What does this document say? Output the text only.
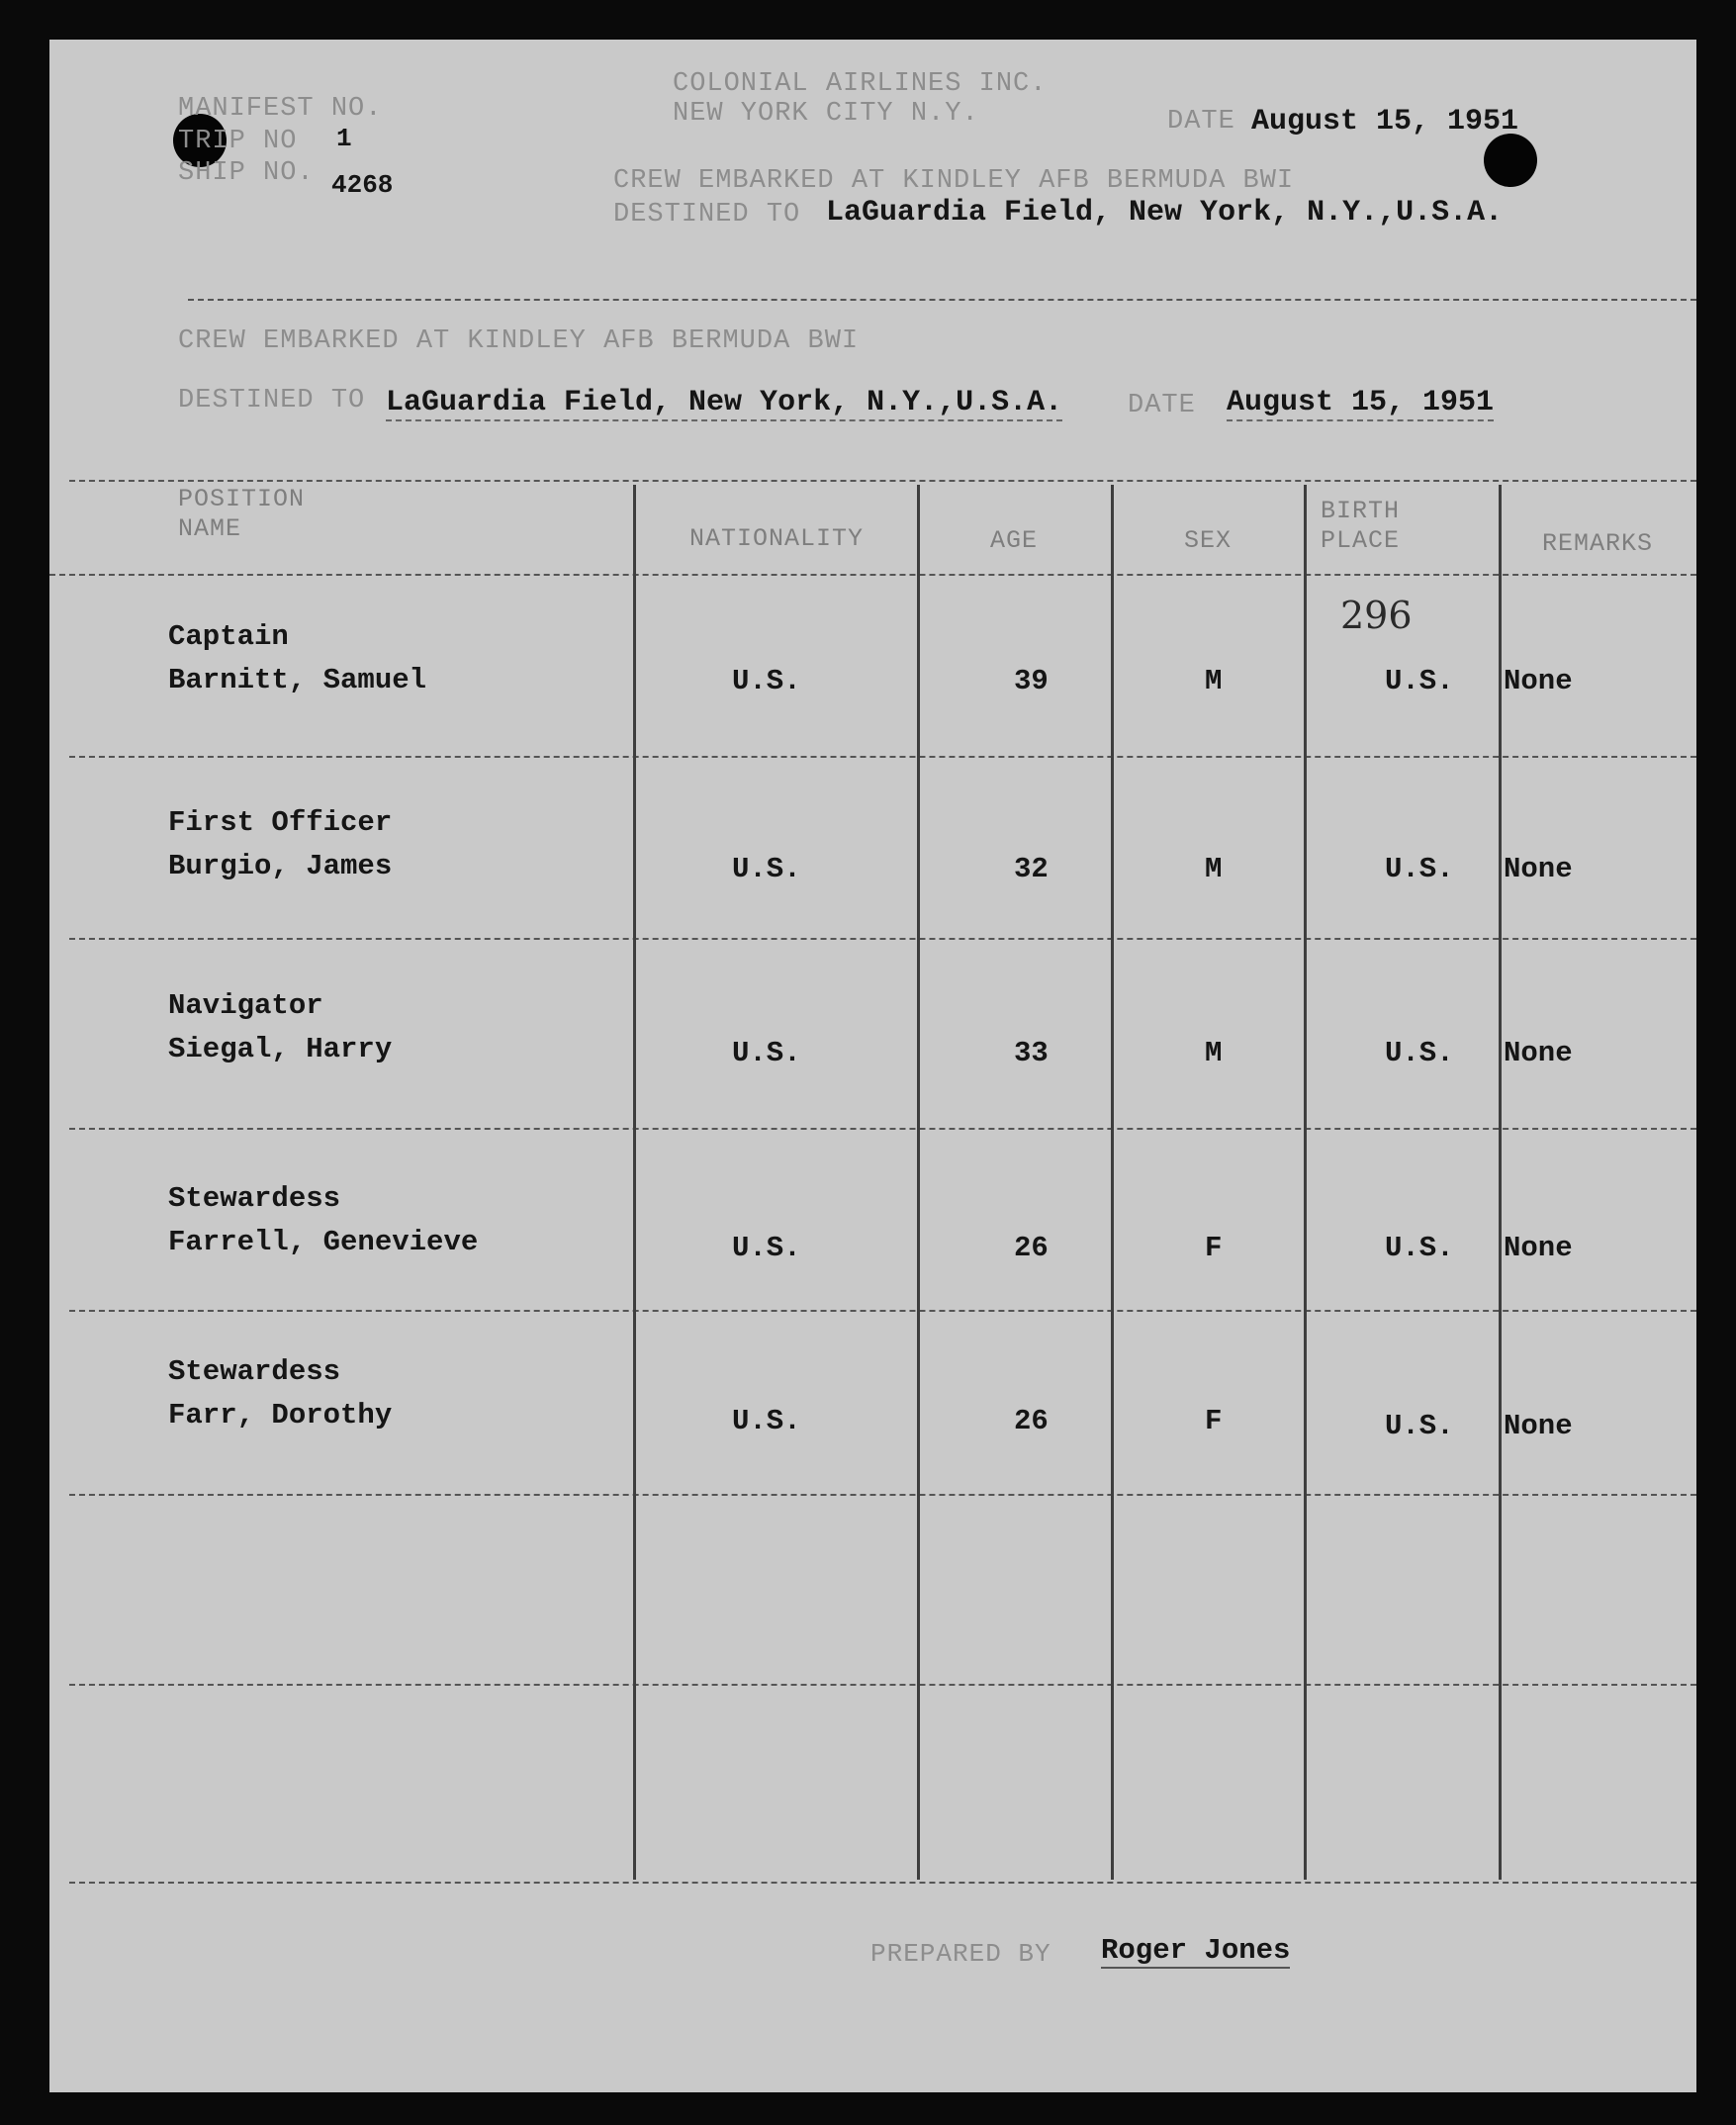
COLONIAL AIRLINES INC.
NEW YORK CITY N.Y.
MANIFEST NO.
TRIP NO 1
SHIP NO. 4268
DATE August 15, 1951
CREW EMBARKED AT KINDLEY AFB BERMUDA BWI
DESTINED TO LaGuardia Field, New York, N.Y.,U.S.A.
CREW EMBARKED AT KINDLEY AFB BERMUDA BWI
DESTINED TO LaGuardia Field, New York, N.Y.,U.S.A. DATE August 15, 1951
POSITION
NAME	NATIONALITY	AGE	SEX
BIRTH
PLACE	REMARKS
296
Captain
Barnitt, Samuel	U.S.	39	M	U.S. None
First Officer
Burgio, James	U.S.	32	M	U.S. None
Navigator
Siegal, Harry	U.S.	33	M	U.S. None
Stewardess
Farrell, Genevieve	U.S.	26	F	U.S. None
Stewardess
Farr, Dorothy	U.S.	26	F	U.S. None
PREPARED BY Roger Jones
